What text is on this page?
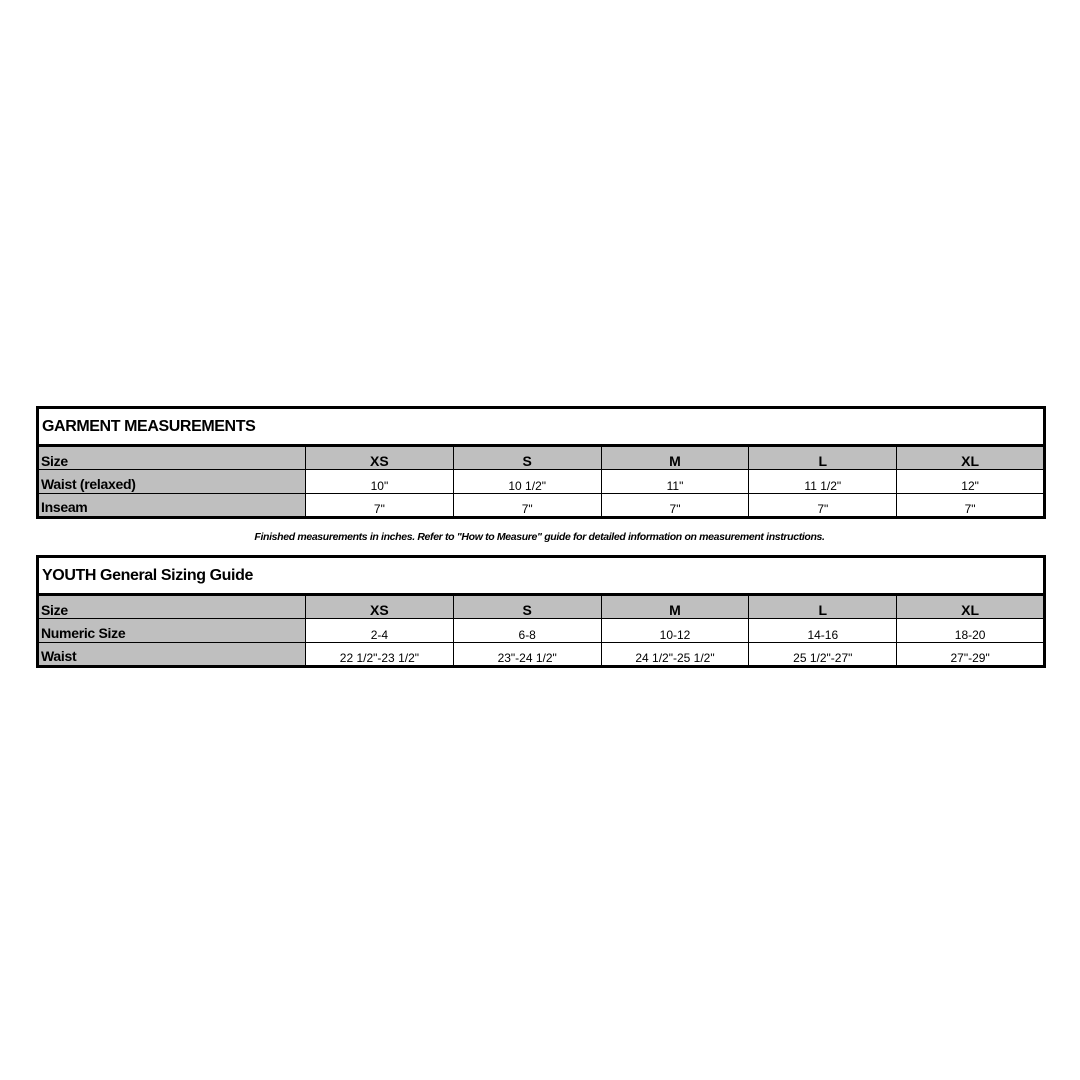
GARMENT MEASUREMENTS					
Size	XS	S	M	L	XL
Waist (relaxed)	10"	10 1/2"	11"	11 1/2"	12"
Inseam	7"	7"	7"	7"	7"
Finished measurements in inches. Refer to "How to Measure" guide for detailed information on measurement instructions.
YOUTH General Sizing Guide					
Size	XS	S	M	L	XL
Numeric Size	2-4	6-8	10-12	14-16	18-20
Waist	22 1/2"-23 1/2"	23"-24 1/2"	24 1/2"-25 1/2"	25 1/2"-27"	27"-29"
